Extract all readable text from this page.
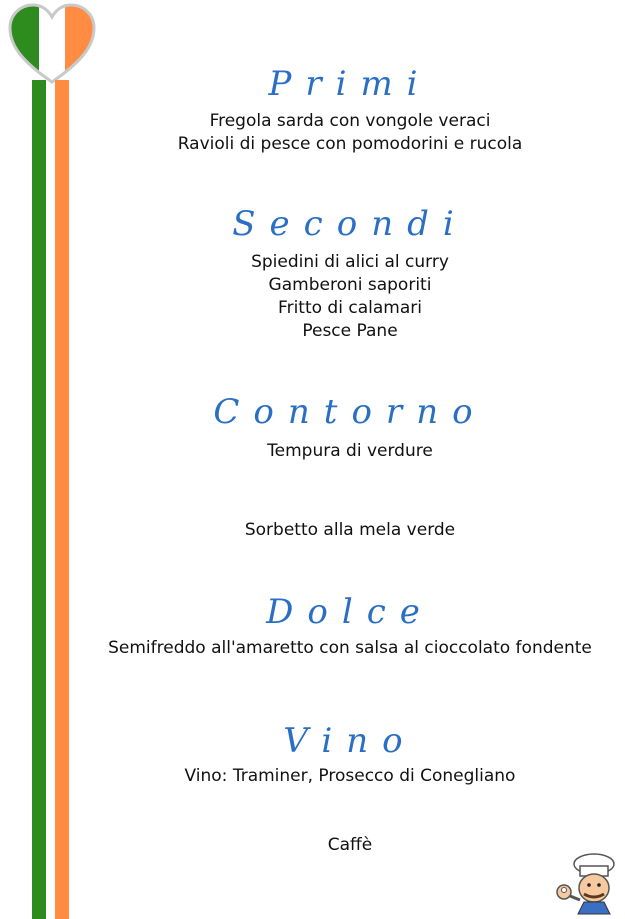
Primi
Fregola sarda con vongole veraci
Ravioli di pesce con pomodorini e rucola
Secondi
Spiedini di alici al curry
Gamberoni saporiti
Fritto di calamari
Pesce Pane
Contorno
Tempura di verdure
Sorbetto alla mela verde
Dolce
Semifreddo all'amaretto con salsa al cioccolato fondente
Vino
Vino: Traminer, Prosecco di Conegliano
Caffè
